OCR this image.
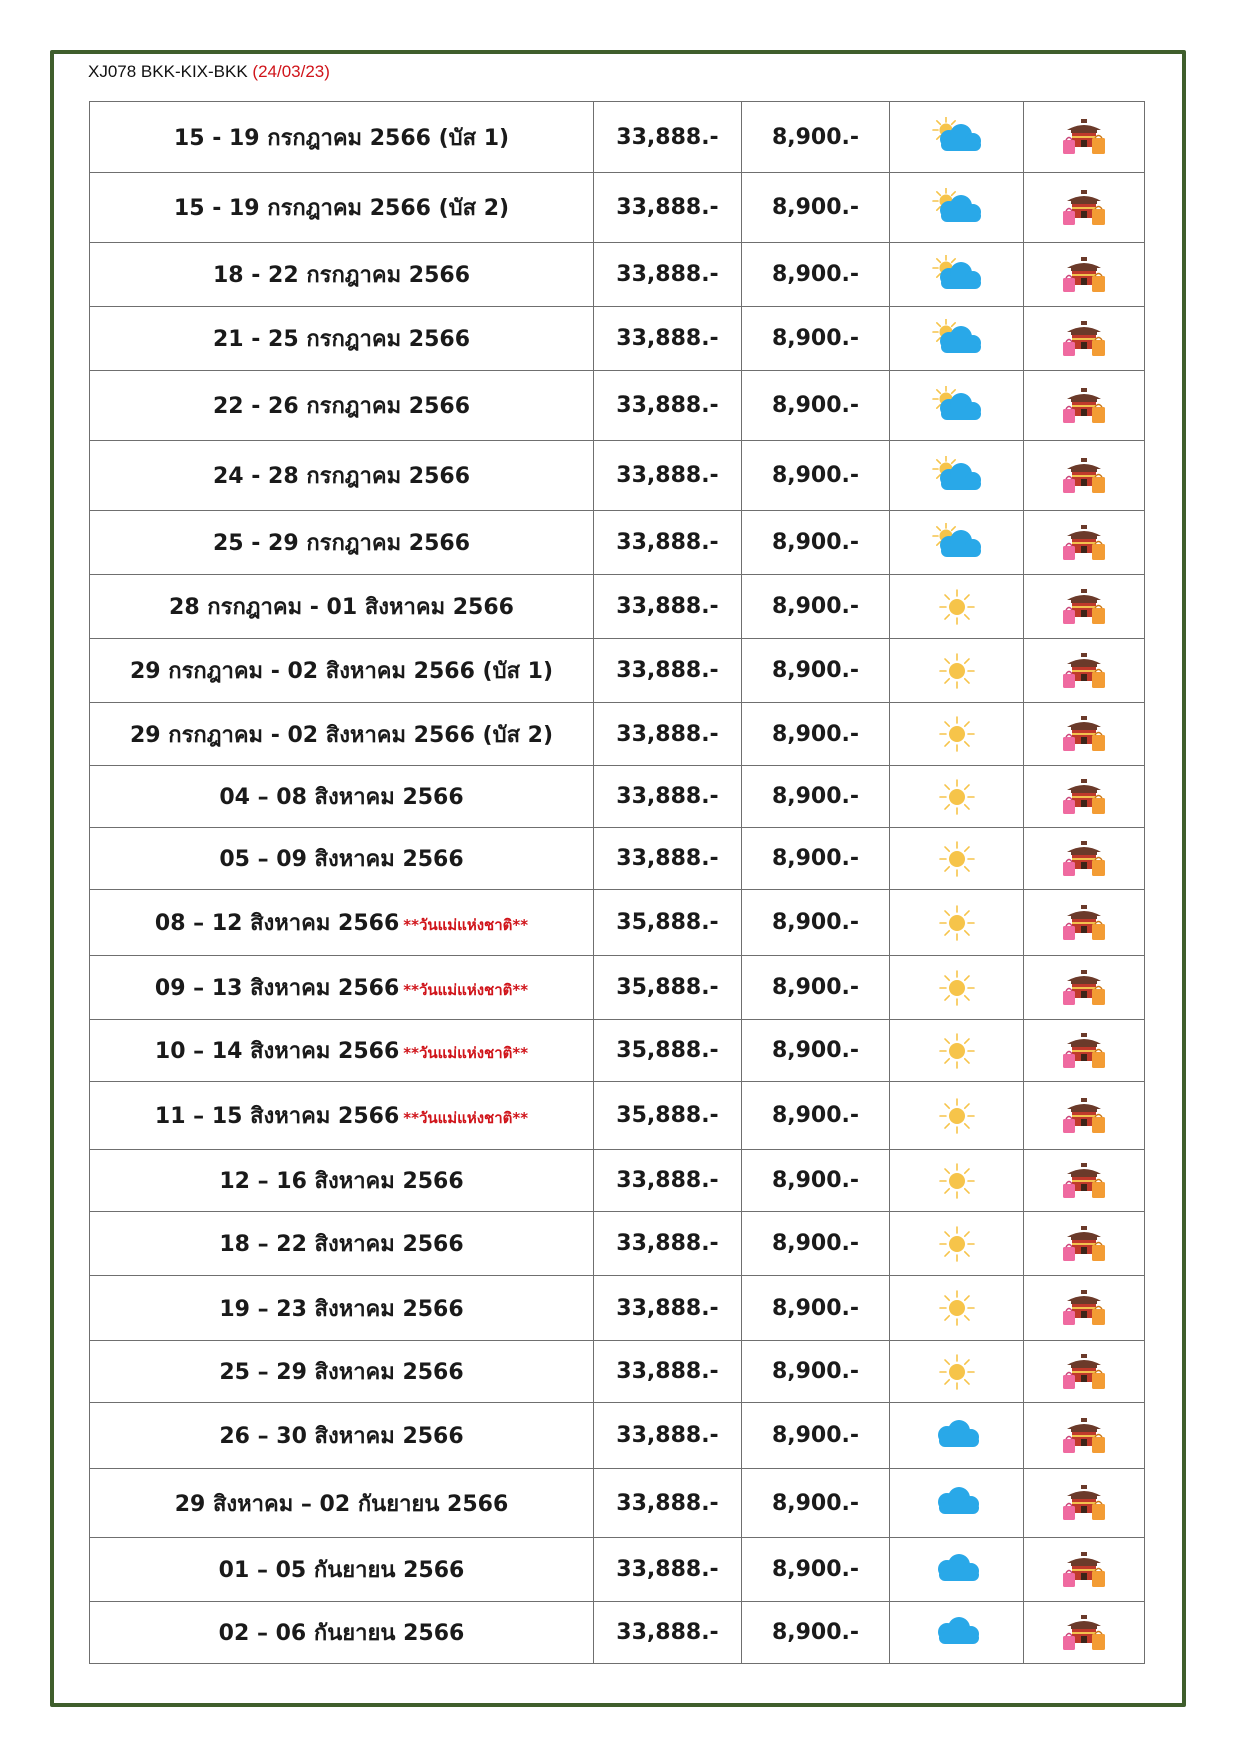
XJ078 BKK-KIX-BKK (24/03/23)
15 - 19 กรกฎาคม 2566 (บัส 1)	33,888.-	8,900.-		
15 - 19 กรกฎาคม 2566 (บัส 2)	33,888.-	8,900.-		
18 - 22 กรกฎาคม 2566	33,888.-	8,900.-		
21 - 25 กรกฎาคม 2566	33,888.-	8,900.-		
22 - 26 กรกฎาคม 2566	33,888.-	8,900.-		
24 - 28 กรกฎาคม 2566	33,888.-	8,900.-		
25 - 29 กรกฎาคม 2566	33,888.-	8,900.-		
28 กรกฎาคม - 01 สิงหาคม 2566	33,888.-	8,900.-		
29 กรกฎาคม - 02 สิงหาคม 2566 (บัส 1)	33,888.-	8,900.-		
29 กรกฎาคม - 02 สิงหาคม 2566 (บัส 2)	33,888.-	8,900.-		
04 – 08 สิงหาคม 2566	33,888.-	8,900.-		
05 – 09 สิงหาคม 2566	33,888.-	8,900.-		
08 – 12 สิงหาคม 2566 **วันแม่แห่งชาติ**	35,888.-	8,900.-		
09 – 13 สิงหาคม 2566 **วันแม่แห่งชาติ**	35,888.-	8,900.-		
10 – 14 สิงหาคม 2566 **วันแม่แห่งชาติ**	35,888.-	8,900.-		
11 – 15 สิงหาคม 2566 **วันแม่แห่งชาติ**	35,888.-	8,900.-		
12 – 16 สิงหาคม 2566	33,888.-	8,900.-		
18 – 22 สิงหาคม 2566	33,888.-	8,900.-		
19 – 23 สิงหาคม 2566	33,888.-	8,900.-		
25 – 29 สิงหาคม 2566	33,888.-	8,900.-		
26 – 30 สิงหาคม 2566	33,888.-	8,900.-		
29 สิงหาคม – 02 กันยายน 2566	33,888.-	8,900.-		
01 – 05 กันยายน 2566	33,888.-	8,900.-		
02 – 06 กันยายน 2566	33,888.-	8,900.-		
